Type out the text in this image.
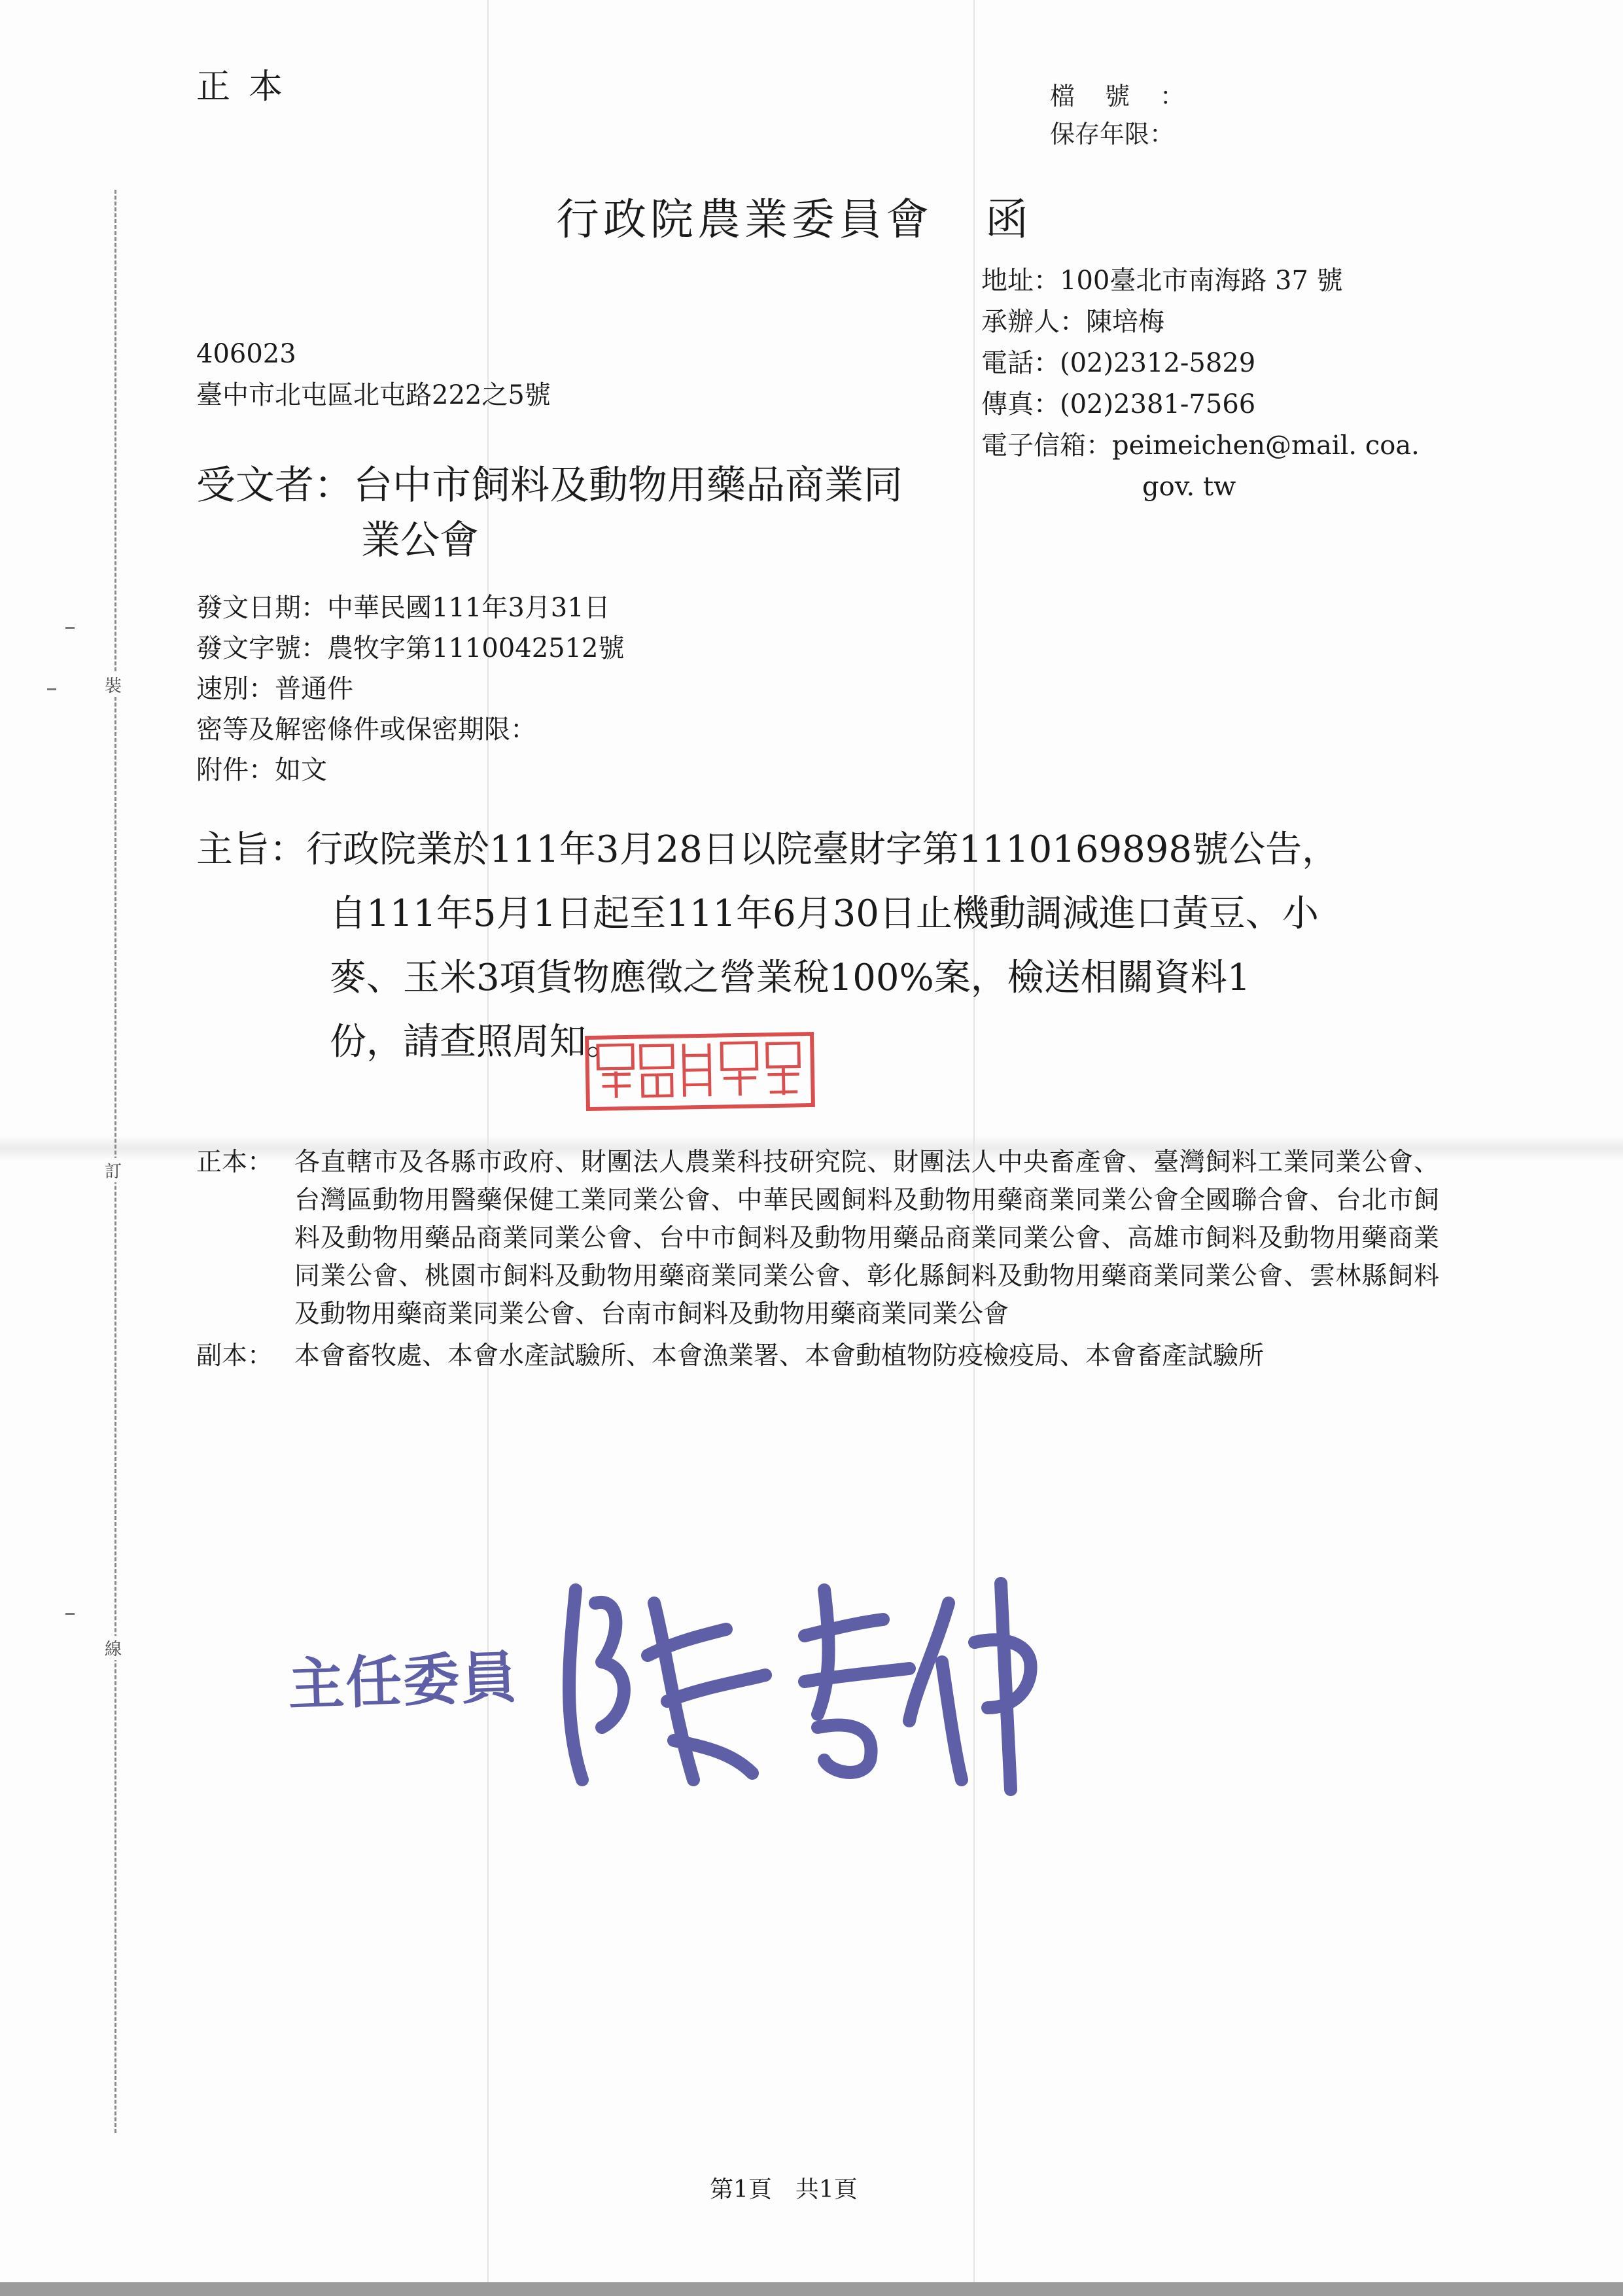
裝
訂
線
正本	檔號：
保存年限：
行政院農業委員會 函
地址：100臺北市南海路 37 號
承辦人：陳培梅
電話：(02)2312-5829
傳真：(02)2381-7566
電子信箱：peimeichen@mail. coa.
gov. tw
406023
臺中市北屯區北屯路222之5號
受文者：台中市飼料及動物用藥品商業同
業公會
發文日期：中華民國111年3月31日
發文字號：農牧字第1110042512號
速別：普通件
密等及解密條件或保密期限：
附件：如文
主旨：行政院業於111年3月28日以院臺財字第1110169898號公告，
自111年5月1日起至111年6月30日止機動調減進口黃豆、小
麥、玉米3項貨物應徵之營業稅100%案，檢送相關資料1
份，請查照周知。
正本： 各直轄市及各縣市政府、財團法人農業科技研究院、財團法人中央畜產會、臺灣飼料工業同業公會、台灣區動物用醫藥保健工業同業公會、中華民國飼料及動物用藥商業同業公會全國聯合會、台北市飼料及動物用藥品商業同業公會、台中市飼料及動物用藥品商業同業公會、高雄市飼料及動物用藥商業同業公會、桃園市飼料及動物用藥商業同業公會、彰化縣飼料及動物用藥商業同業公會、雲林縣飼料及動物用藥商業同業公會、台南市飼料及動物用藥商業同業公會
副本： 本會畜牧處、本會水產試驗所、本會漁業署、本會動植物防疫檢疫局、本會畜產試驗所
主任委員
第1頁 共1頁
